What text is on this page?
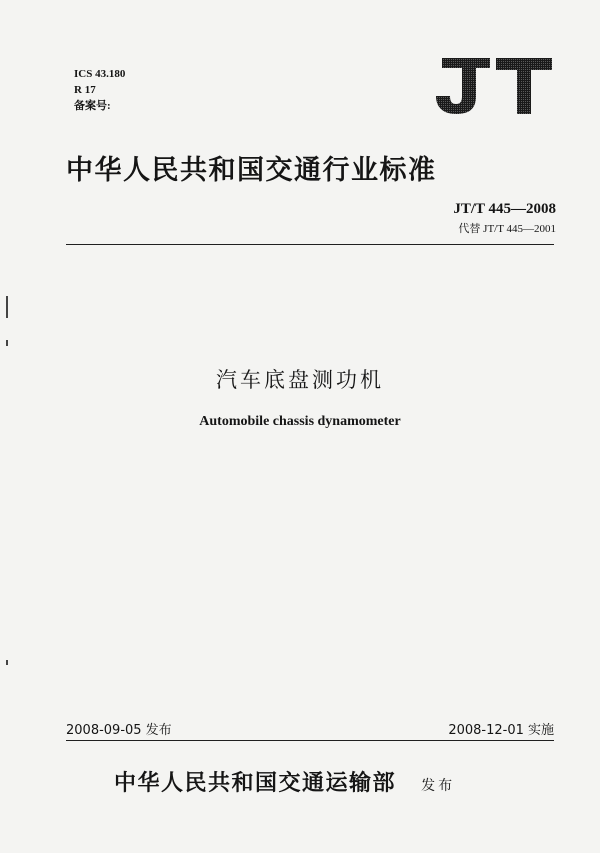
ICS 43.180
R 17
备案号:
中华人民共和国交通行业标准
JT/T 445—2008
代替 JT/T 445—2001
汽车底盘测功机
Automobile chassis dynamometer
2008-09-05 发布	2008-12-01 实施
中华人民共和国交通运输部 发布
